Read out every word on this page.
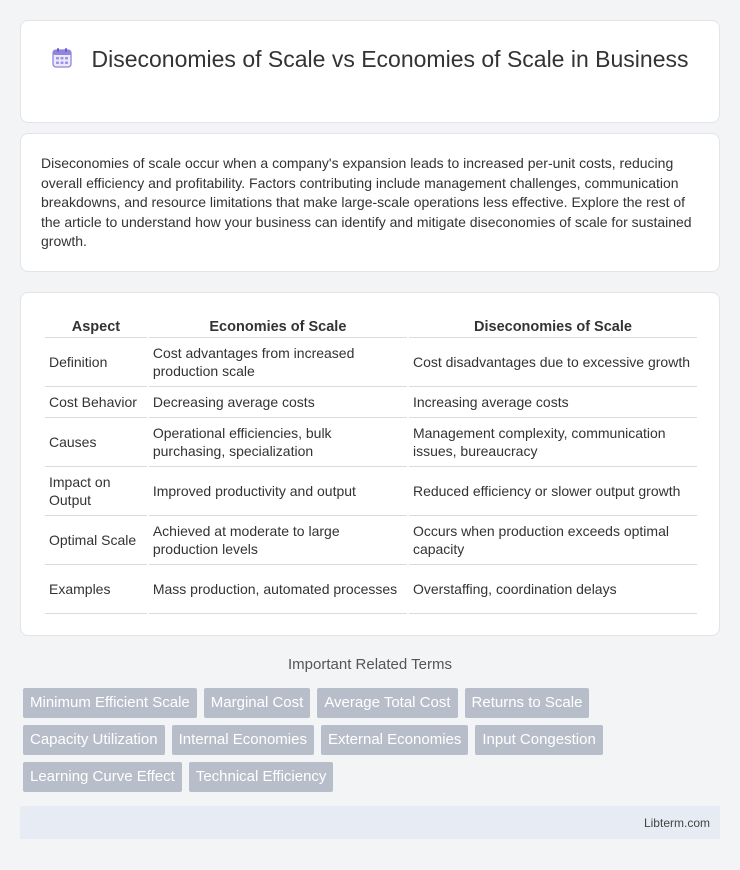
Diseconomies of Scale vs Economies of Scale in Business

Diseconomies of scale occur when a company's expansion leads to increased per-unit costs, reducing overall efficiency and profitability. Factors contributing include management challenges, communication breakdowns, and resource limitations that make large-scale operations less effective. Explore the rest of the article to understand how your business can identify and mitigate diseconomies of scale for sustained growth.

Aspect	Economies of Scale	Diseconomies of Scale
Definition	Cost advantages from increased production scale	Cost disadvantages due to excessive growth
Cost Behavior	Decreasing average costs	Increasing average costs
Causes	Operational efficiencies, bulk purchasing, specialization	Management complexity, communication issues, bureaucracy
Impact on Output	Improved productivity and output	Reduced efficiency or slower output growth
Optimal Scale	Achieved at moderate to large production levels	Occurs when production exceeds optimal capacity
Examples	Mass production, automated processes	Overstaffing, coordination delays
Important Related Terms
Minimum Efficient Scale	Marginal Cost	Average Total Cost	Returns to Scale
Capacity Utilization	Internal Economies	External Economies	Input Congestion
Learning Curve Effect	Technical Efficiency
Libterm.com
